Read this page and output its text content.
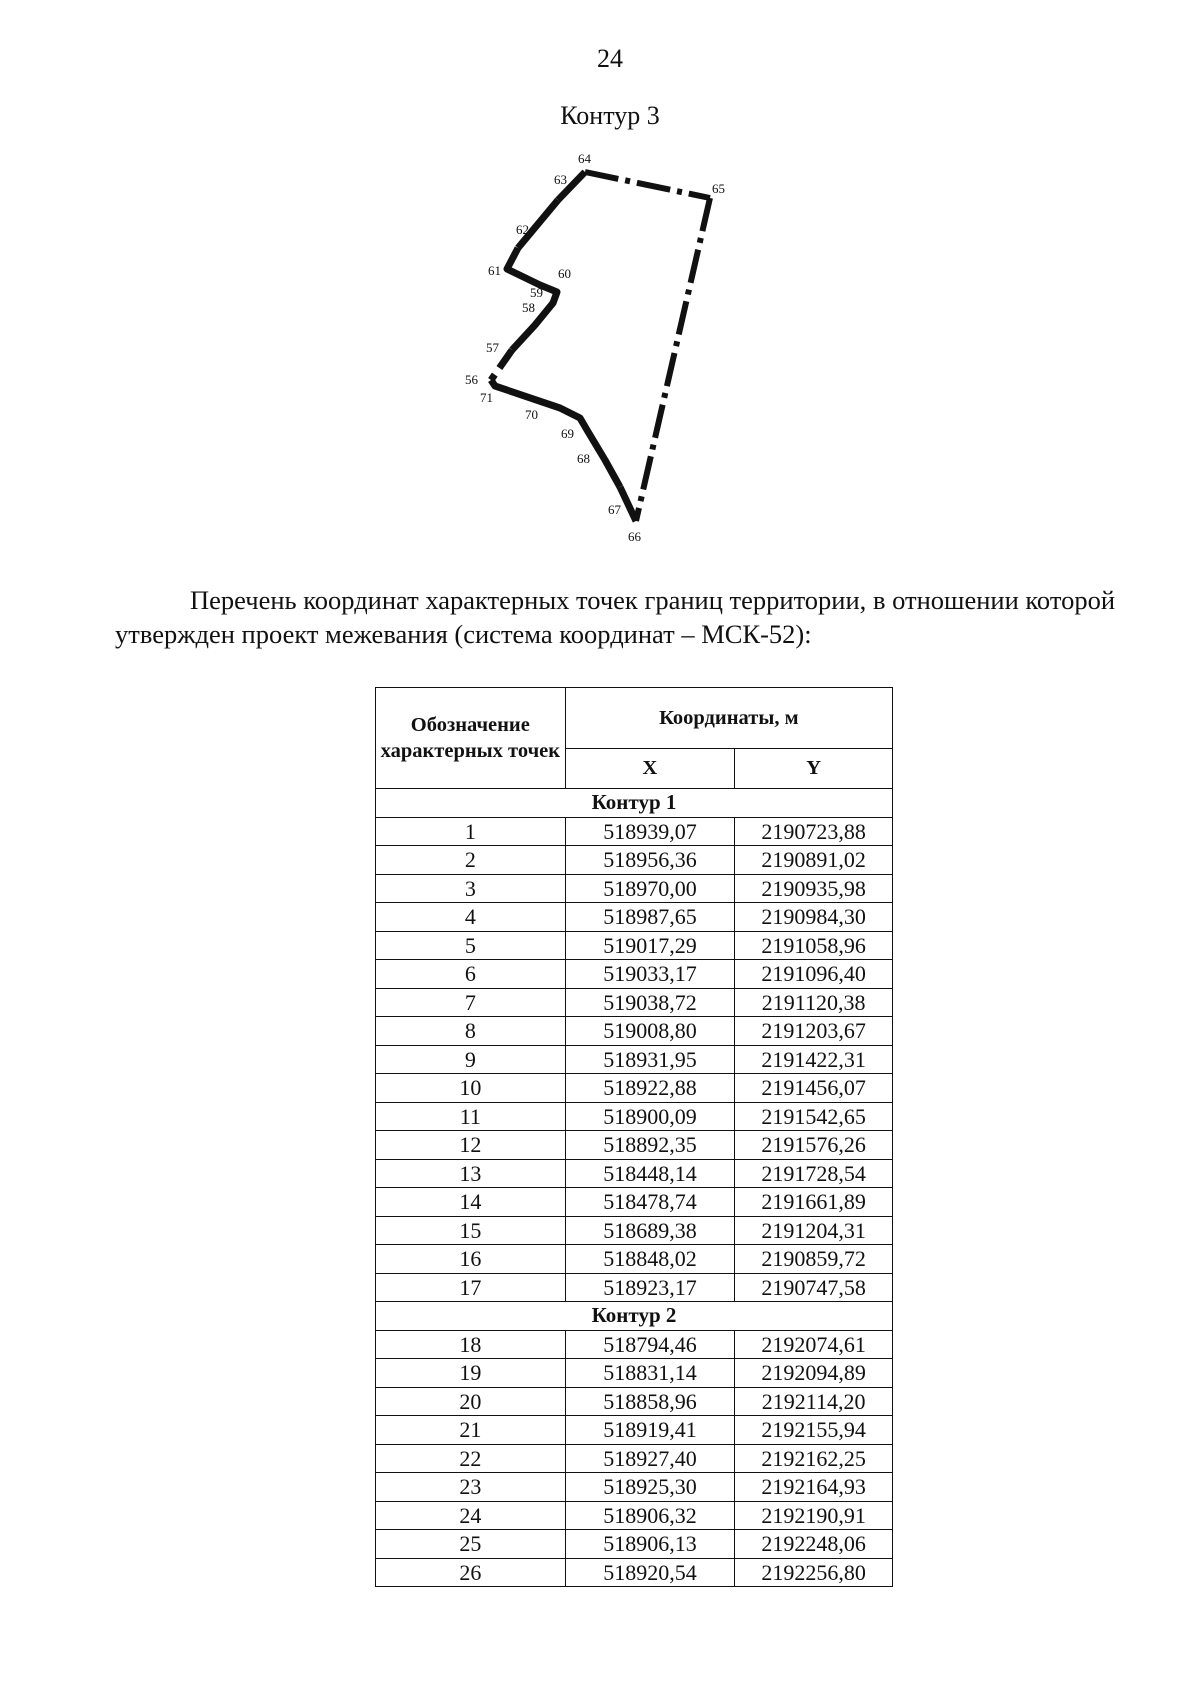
24
Контур 3
64
63
65
62
61	60
59
58
57
56
71
70
69
68
67
66

Перечень координат характерных точек границ территории, в отношении которой утвержден проект межевания (система координат – МСК-52):

Обозначение характерных точек	Координаты, м	
	X	Y
Контур 1		
1	518939,07	2190723,88
2	518956,36	2190891,02
3	518970,00	2190935,98
4	518987,65	2190984,30
5	519017,29	2191058,96
6	519033,17	2191096,40
7	519038,72	2191120,38
8	519008,80	2191203,67
9	518931,95	2191422,31
10	518922,88	2191456,07
11	518900,09	2191542,65
12	518892,35	2191576,26
13	518448,14	2191728,54
14	518478,74	2191661,89
15	518689,38	2191204,31
16	518848,02	2190859,72
17	518923,17	2190747,58
Контур 2		
18	518794,46	2192074,61
19	518831,14	2192094,89
20	518858,96	2192114,20
21	518919,41	2192155,94
22	518927,40	2192162,25
23	518925,30	2192164,93
24	518906,32	2192190,91
25	518906,13	2192248,06
26	518920,54	2192256,80
